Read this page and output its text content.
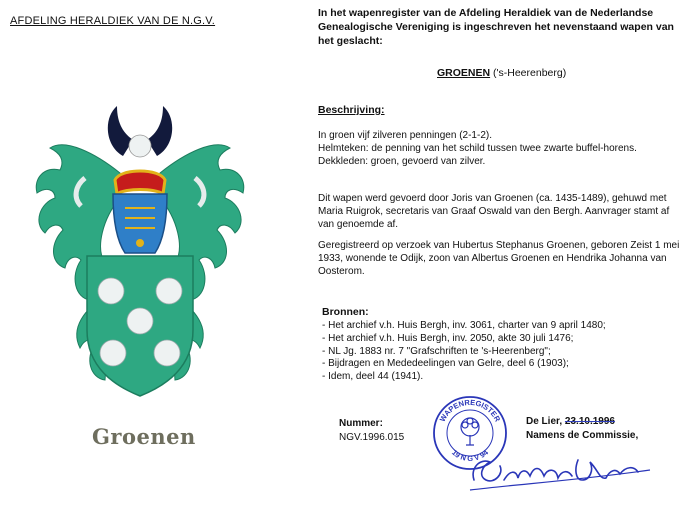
AFDELING HERALDIEK VAN DE N.G.V.
Groenen
In het wapenregister van de Afdeling Heraldiek van de Nederlandse Genealogische Vereniging is ingeschreven het nevenstaand wapen van het geslacht:
GROENEN ('s-Heerenberg)
Beschrijving:
In groen vijf zilveren penningen (2-1-2).
Helmteken: de penning van het schild tussen twee zwarte buffel-horens.
Dekkleden: groen, gevoerd van zilver.
Dit wapen werd gevoerd door Joris van Groenen (ca. 1435-1489), gehuwd met Maria Ruigrok, secretaris van Graaf Oswald van den Bergh. Aanvrager stamt af van genoemde af.
Geregistreerd op verzoek van Hubertus Stephanus Groenen, geboren Zeist 1 mei 1933, wonende te Odijk, zoon van Albertus Groenen en Hendrika Johanna van Oosterom.
Bronnen:
- Het archief v.h. Huis Bergh, inv. 3061, charter van 9 april 1480;
- Het archief v.h. Huis Bergh, inv. 2050, akte 30 juli 1476;
- NL Jg. 1883 nr. 7 "Grafschriften te 's-Heerenberg";
- Bijdragen en Mededeelingen van Gelre, deel 6 (1903);
- Idem, deel 44 (1941).
Nummer:
NGV.1996.015
WAPENREGISTER
19 N G V 94
De Lier, 23.10.1996
Namens de Commissie,
